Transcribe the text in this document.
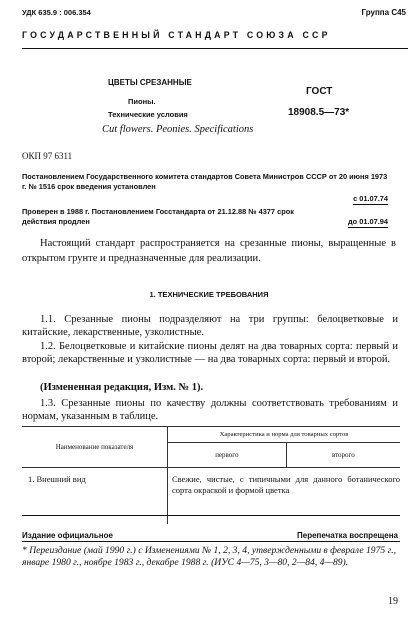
УДК 635.9 : 006.354	Группа С45
ГОСУДАРСТВЕННЫЙ СТАНДАРТ СОЮЗА ССР
ЦВЕТЫ СРЕЗАННЫЕ
Пионы.
Технические условия
Cut flowers. Peonies. Specifications
ГОСТ
18908.5—73*
ОКП 97 6311
Постановлением Государственного комитета стандартов Совета Министров СССР от 20 июня 1973 г. № 1516 срок введения установлен
с 01.07.74
Проверен в 1988 г. Постановлением Госстандарта от 21.12.88 № 4377 срок действия продлен	до 01.07.94
Настоящий стандарт распространяется на срезанные пионы, выращенные в открытом грунте и предназначенные для реализации.
1. ТЕХНИЧЕСКИЕ ТРЕБОВАНИЯ
1.1. Срезанные пионы подразделяют на три группы: белоцветковые и китайские, лекарственные, узколистные.
1.2. Белоцветковые и китайские пионы делят на два товарных сорта: первый и второй; лекарственные и узколистные — на два товарных сорта: первый и второй.
(Измененная редакция, Изм. № 1).
1.3. Срезанные пионы по качеству должны соответствовать требованиям и нормам, указанным в таблице.
Наименование показателя	Характеристика и норма для товарных сортов	
	первого	второго
1. Внешний вид	Свежие, чистые, с типичными для данного ботанического сорта окраской и формой цветка	
Издание официальное	Перепечатка воспрещена
* Переиздание (май 1990 г.) с Изменениями № 1, 2, 3, 4, утвержденными в феврале 1975 г., январе 1980 г., ноябре 1983 г., декабре 1988 г. (ИУС 4—75, 3—80, 2—84, 4—89).
19
